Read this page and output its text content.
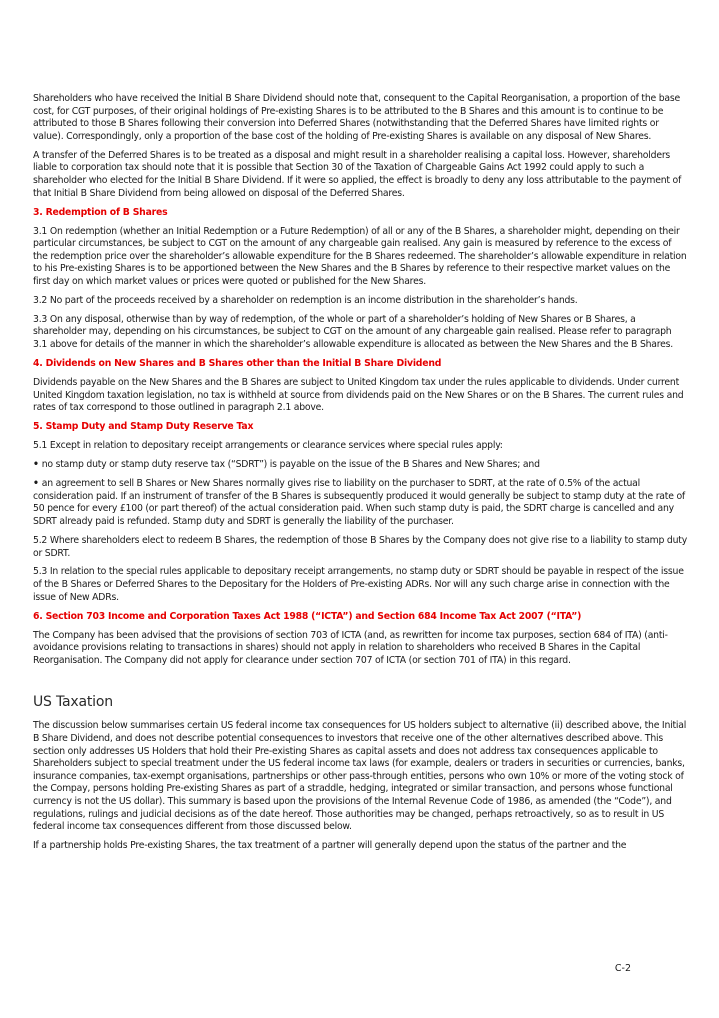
Shareholders who have received the Initial B Share Dividend should note that, consequent to the Capital Reorganisation, a proportion of the base cost, for CGT purposes, of their original holdings of Pre-existing Shares is to be attributed to the B Shares and this amount is to continue to be attributed to those B Shares following their conversion into Deferred Shares (notwithstanding that the Deferred Shares have limited rights or value). Correspondingly, only a proportion of the base cost of the holding of Pre-existing Shares is available on any disposal of New Shares.

A transfer of the Deferred Shares is to be treated as a disposal and might result in a shareholder realising a capital loss. However, shareholders liable to corporation tax should note that it is possible that Section 30 of the Taxation of Chargeable Gains Act 1992 could apply to such a shareholder who elected for the Initial B Share Dividend. If it were so applied, the effect is broadly to deny any loss attributable to the payment of that Initial B Share Dividend from being allowed on disposal of the Deferred Shares.

3. Redemption of B Shares

3.1 On redemption (whether an Initial Redemption or a Future Redemption) of all or any of the B Shares, a shareholder might, depending on their particular circumstances, be subject to CGT on the amount of any chargeable gain realised. Any gain is measured by reference to the excess of the redemption price over the shareholder’s allowable expenditure for the B Shares redeemed. The shareholder’s allowable expenditure in relation to his Pre-existing Shares is to be apportioned between the New Shares and the B Shares by reference to their respective market values on the first day on which market values or prices were quoted or published for the New Shares.

3.2 No part of the proceeds received by a shareholder on redemption is an income distribution in the shareholder’s hands.

3.3 On any disposal, otherwise than by way of redemption, of the whole or part of a shareholder’s holding of New Shares or B Shares, a shareholder may, depending on his circumstances, be subject to CGT on the amount of any chargeable gain realised. Please refer to paragraph 3.1 above for details of the manner in which the shareholder’s allowable expenditure is allocated as between the New Shares and the B Shares.

4. Dividends on New Shares and B Shares other than the Initial B Share Dividend

Dividends payable on the New Shares and the B Shares are subject to United Kingdom tax under the rules applicable to dividends. Under current United Kingdom taxation legislation, no tax is withheld at source from dividends paid on the New Shares or on the B Shares. The current rules and rates of tax correspond to those outlined in paragraph 2.1 above.

5. Stamp Duty and Stamp Duty Reserve Tax

5.1 Except in relation to depositary receipt arrangements or clearance services where special rules apply:

• no stamp duty or stamp duty reserve tax (“SDRT”) is payable on the issue of the B Shares and New Shares; and

• an agreement to sell B Shares or New Shares normally gives rise to liability on the purchaser to SDRT, at the rate of 0.5% of the actual consideration paid. If an instrument of transfer of the B Shares is subsequently produced it would generally be subject to stamp duty at the rate of 50 pence for every £100 (or part thereof) of the actual consideration paid. When such stamp duty is paid, the SDRT charge is cancelled and any SDRT already paid is refunded. Stamp duty and SDRT is generally the liability of the purchaser.

5.2 Where shareholders elect to redeem B Shares, the redemption of those B Shares by the Company does not give rise to a liability to stamp duty or SDRT.

5.3 In relation to the special rules applicable to depositary receipt arrangements, no stamp duty or SDRT should be payable in respect of the issue of the B Shares or Deferred Shares to the Depositary for the Holders of Pre-existing ADRs. Nor will any such charge arise in connection with the issue of New ADRs.

6. Section 703 Income and Corporation Taxes Act 1988 (“ICTA”) and Section 684 Income Tax Act 2007 (“ITA”)

The Company has been advised that the provisions of section 703 of ICTA (and, as rewritten for income tax purposes, section 684 of ITA) (anti-avoidance provisions relating to transactions in shares) should not apply in relation to shareholders who received B Shares in the Capital Reorganisation. The Company did not apply for clearance under section 707 of ICTA (or section 701 of ITA) in this regard.

US Taxation

The discussion below summarises certain US federal income tax consequences for US holders subject to alternative (ii) described above, the Initial B Share Dividend, and does not describe potential consequences to investors that receive one of the other alternatives described above. This section only addresses US Holders that hold their Pre-existing Shares as capital assets and does not address tax consequences applicable to Shareholders subject to special treatment under the US federal income tax laws (for example, dealers or traders in securities or currencies, banks, insurance companies, tax-exempt organisations, partnerships or other pass-through entities, persons who own 10% or more of the voting stock of the Compay, persons holding Pre-existing Shares as part of a straddle, hedging, integrated or similar transaction, and persons whose functional currency is not the US dollar). This summary is based upon the provisions of the Internal Revenue Code of 1986, as amended (the “Code”), and regulations, rulings and judicial decisions as of the date hereof. Those authorities may be changed, perhaps retroactively, so as to result in US federal income tax consequences different from those discussed below.

If a partnership holds Pre-existing Shares, the tax treatment of a partner will generally depend upon the status of the partner and the

C-2
